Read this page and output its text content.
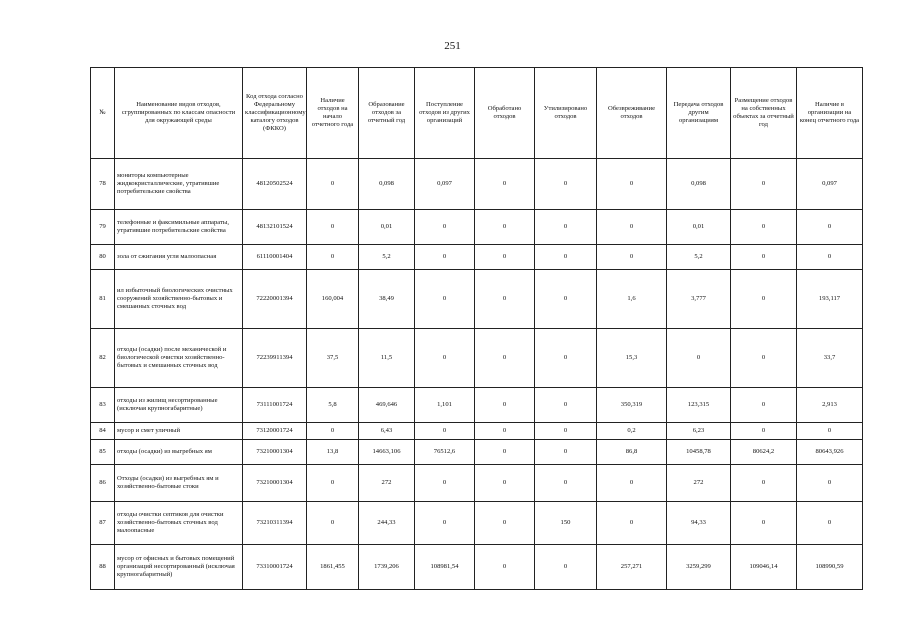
251
№	Наименование видов отходов, сгруппированных по классам опасности для окружающей среды	Код отхода согласно Федеральному классификационному каталогу отходов (ФККО)	Наличие отходов на начало отчетного года	Образование отходов за отчетный год	Поступление отходов из других организаций	Обработано отходов	Утилизировано отходов	Обезвреживание отходов	Передача отходов другим организациям	Размещение отходов на собственных объектах за отчетный год	Наличие в организации на конец отчетного года
78	мониторы компьютерные жидкокристаллические, утратившие потребительские свойства	48120502524	0	0,098	0,097	0	0	0	0,098	0	0,097
79	телефонные и факсимильные аппараты, утратившие потребительские свойства	48132101524	0	0,01	0	0	0	0	0,01	0	0
80	зола от сжигания угля малоопасная	61110001404	0	5,2	0	0	0	0	5,2	0	0
81	ил избыточный биологических очистных сооружений хозяйственно-бытовых и смешанных сточных вод	72220001394	160,004	38,49	0	0	0	1,6	3,777	0	193,117
82	отходы (осадки) после механической и биологической очистки хозяйственно-бытовых и смешанных сточных вод	72239911394	37,5	11,5	0	0	0	15,3	0	0	33,7
83	отходы из жилищ несортированные (исключая крупногабаритные)	73111001724	5,8	469,646	1,101	0	0	350,319	123,315	0	2,913
84	мусор и смет уличный	73120001724	0	6,43	0	0	0	0,2	6,23	0	0
85	отходы (осадки) из выгребных ям	73210001304	13,8	14663,106	76512,6	0	0	86,8	10458,78	80624,2	80643,926
86	Отходы (осадки) из выгребных ям и хозяйственно-бытовые стоки	73210001304	0	272	0	0	0	0	272	0	0
87	отходы очистки септиков для очистки хозяйственно-бытовых сточных вод малоопасные	73210311394	0	244,33	0	0	150	0	94,33	0	0
88	мусор от офисных и бытовых помещений организаций несортированный (исключая крупногабаритный)	73310001724	1861,455	1739,206	108981,54	0	0	257,271	3259,299	109046,14	108990,59
